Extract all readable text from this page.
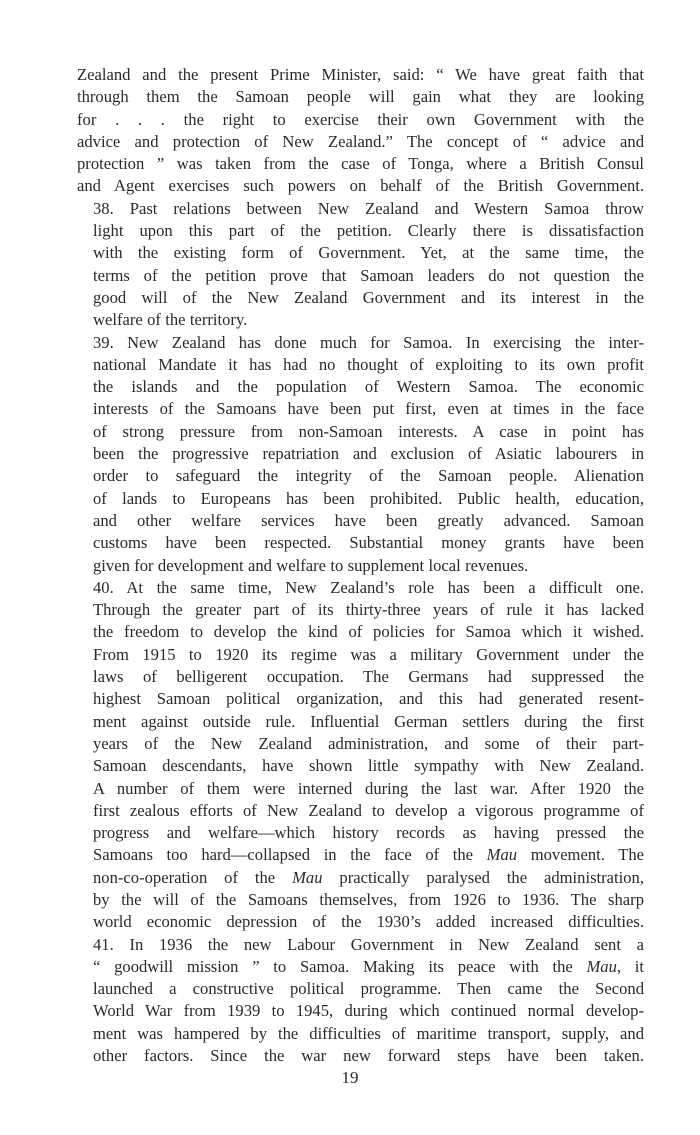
Zealand and the present Prime Minister, said: “ We have great faith that
through them the Samoan people will gain what they are looking
for . . . the right to exercise their own Government with the
advice and protection of New Zealand.” The concept of “ advice and
protection ” was taken from the case of Tonga, where a British Consul
and Agent exercises such powers on behalf of the British Government.
38. Past relations between New Zealand and Western Samoa throw
light upon this part of the petition. Clearly there is dissatisfaction
with the existing form of Government. Yet, at the same time, the
terms of the petition prove that Samoan leaders do not question the
good will of the New Zealand Government and its interest in the
welfare of the territory.
39. New Zealand has done much for Samoa. In exercising the inter-
national Mandate it has had no thought of exploiting to its own profit
the islands and the population of Western Samoa. The economic
interests of the Samoans have been put first, even at times in the face
of strong pressure from non-Samoan interests. A case in point has
been the progressive repatriation and exclusion of Asiatic labourers in
order to safeguard the integrity of the Samoan people. Alienation
of lands to Europeans has been prohibited. Public health, education,
and other welfare services have been greatly advanced. Samoan
customs have been respected. Substantial money grants have been
given for development and welfare to supplement local revenues.
40. At the same time, New Zealand’s role has been a difficult one.
Through the greater part of its thirty-three years of rule it has lacked
the freedom to develop the kind of policies for Samoa which it wished.
From 1915 to 1920 its regime was a military Government under the
laws of belligerent occupation. The Germans had suppressed the
highest Samoan political organization, and this had generated resent-
ment against outside rule. Influential German settlers during the first
years of the New Zealand administration, and some of their part-
Samoan descendants, have shown little sympathy with New Zealand.
A number of them were interned during the last war. After 1920 the
first zealous efforts of New Zealand to develop a vigorous programme of
progress and welfare—which history records as having pressed the
Samoans too hard—collapsed in the face of the Mau movement. The
non-co-operation of the Mau practically paralysed the administration,
by the will of the Samoans themselves, from 1926 to 1936. The sharp
world economic depression of the 1930’s added increased difficulties.
41. In 1936 the new Labour Government in New Zealand sent a
“ goodwill mission ” to Samoa. Making its peace with the Mau, it
launched a constructive political programme. Then came the Second
World War from 1939 to 1945, during which continued normal develop-
ment was hampered by the difficulties of maritime transport, supply, and
other factors. Since the war new forward steps have been taken.
19
